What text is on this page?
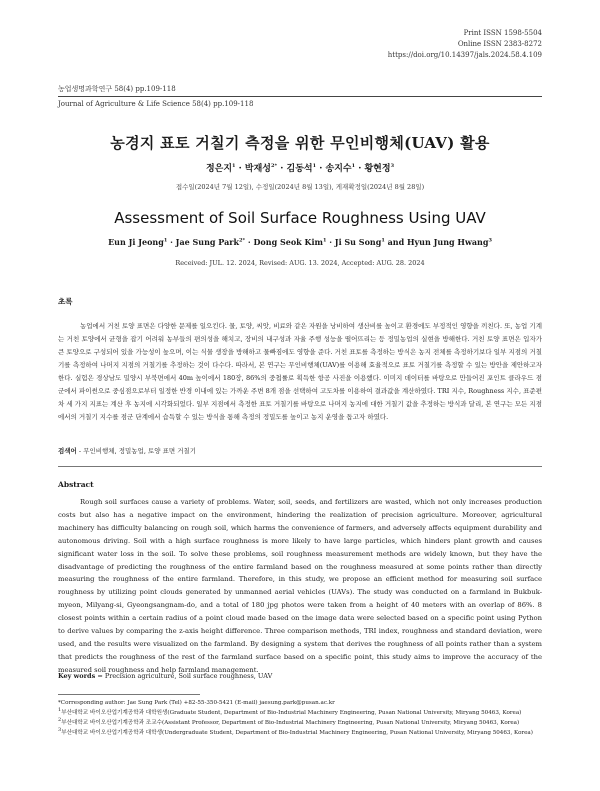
Print ISSN 1598-5504
Online ISSN 2383-8272
https://doi.org/10.14397/jals.2024.58.4.109
농업생명과학연구 58(4) pp.109-118
Journal of Agriculture & Life Science 58(4) pp.109-118
농경지 표토 거칠기 측정을 위한 무인비행체(UAV) 활용
정은지$^1$ · 박재성$^{2*}$ · 김동석$^1$ · 송지수$^1$ · 황현정$^3$
접수일(2024년 7월 12일), 수정일(2024년 8월 13일), 게재확정일(2024년 8월 28일)
Assessment of Soil Surface Roughness Using UAV
Eun Ji Jeong$^1$ · Jae Sung Park$^{2*}$ · Dong Seok Kim$^1$ · Ji Su Song$^1$ and Hyun Jung Hwang$^3$
Received: JUL. 12. 2024, Revised: AUG. 13. 2024, Accepted: AUG. 28. 2024
초록
농업에서 거친 토양 표면은 다양한 문제를 일으킨다. 물, 토양, 씨앗, 비료와 같은 자원을 낭비하여 생산비를 높이고 환경에도 부정적인 영향을 끼친다. 또, 농업 기계는 거친 토양에서 균형을 잡기 어려워 농부들의 편의성을 해치고, 장비의 내구성과 자율 주행 성능을 떨어뜨리는 등 정밀농업의 실현을 방해한다. 거친 토양 표면은 입자가 큰 토양으로 구성되어 있을 가능성이 높으며, 이는 식물 생장을 방해하고 물빠짐에도 영향을 준다. 거친 표토를 측정하는 방식은 농지 전체를 측정하기보다 일부 지점의 거칠기를 측정하여 나머지 지점의 거칠기를 추정하는 것이 다수다. 따라서, 본 연구는 무인비행체(UAV)를 이용해 효율적으로 표토 거칠기를 측정할 수 있는 방안을 제안하고자 한다. 실험은 경상남도 밀양시 부북면에서 40m 높이에서 180장, 86%의 중첩률로 획득한 항공 사진을 이용했다. 이미지 데이터를 바탕으로 만들어진 포인트 클라우드 점군에서 파이썬으로 중심점으로부터 일정한 반경 이내에 있는 가까운 주변 8개 점을 선택하여 고도차를 이용하여 결과값을 계산하였다. TRI 지수, Roughness 지수, 표준편차 세 가지 지표는 계산 후 농지에 시각화되었다. 일부 지점에서 측정한 표토 거칠기를 바탕으로 나머지 농지에 대한 거칠기 값을 추정하는 방식과 달리, 본 연구는 모든 지점에서의 거칠기 지수를 점군 단계에서 습득할 수 있는 방식을 통해 측정의 정밀도를 높이고 농지 운영을 돕고자 하였다.
검색어 - 무인비행체, 정밀농업, 토양 표면 거칠기
Abstract
Rough soil surfaces cause a variety of problems. Water, soil, seeds, and fertilizers are wasted, which not only increases production costs but also has a negative impact on the environment, hindering the realization of precision agriculture. Moreover, agricultural machinery has difficulty balancing on rough soil, which harms the convenience of farmers, and adversely affects equipment durability and autonomous driving. Soil with a high surface roughness is more likely to have large particles, which hinders plant growth and causes significant water loss in the soil. To solve these problems, soil roughness measurement methods are widely known, but they have the disadvantage of predicting the roughness of the entire farmland based on the roughness measured at some points rather than directly measuring the roughness of the entire farmland. Therefore, in this study, we propose an efficient method for measuring soil surface roughness by utilizing point clouds generated by unmanned aerial vehicles (UAVs). The study was conducted on a farmland in Bukbuk-myeon, Milyang-si, Gyeongsangnam-do, and a total of 180 jpg photos were taken from a height of 40 meters with an overlap of 86%. 8 closest points within a certain radius of a point cloud made based on the image data were selected based on a specific point using Python to derive values by comparing the z-axis height difference. Three comparison methods, TRI index, roughness and standard deviation, were used, and the results were visualized on the farmland. By designing a system that derives the roughness of all points rather than a system that predicts the roughness of the rest of the farmland surface based on a specific point, this study aims to improve the accuracy of the measured soil roughness and help farmland management.
Key words = Precision agriculture, Soil surface roughness, UAV
*Corresponding author: Jae Sung Park (Tel) +82-55-350-5421 (E-mail) jaesung.park@pusan.ac.kr
$^1$부산대학교 바이오산업기계공학과 대학원생(Graduate Student, Department of Bio-Industrial Machinery Engineering, Pusan National University, Miryang 50463, Korea)
$^2$부산대학교 바이오산업기계공학과 조교수(Assistant Professor, Department of Bio-Industrial Machinery Engineering, Pusan National University, Miryang 50463, Korea)
$^3$부산대학교 바이오산업기계공학과 대학생(Undergraduate Student, Department of Bio-Industrial Machinery Engineering, Pusan National University, Miryang 50463, Korea)
